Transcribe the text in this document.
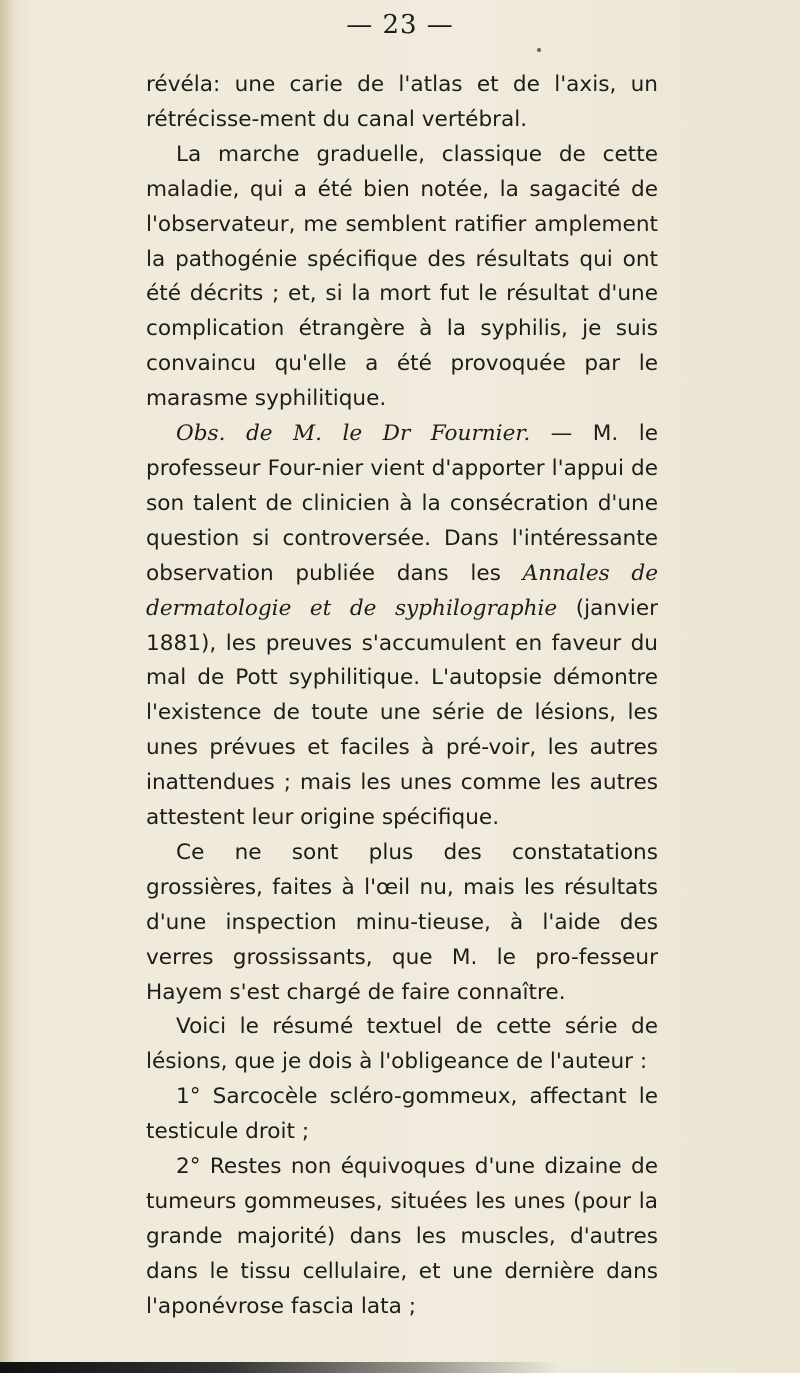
— 23 —

révéla: une carie de l'atlas et de l'axis, un rétrécisse-ment du canal vertébral.

La marche graduelle, classique de cette maladie, qui a été bien notée, la sagacité de l'observateur, me semblent ratifier amplement la pathogénie spécifique des résultats qui ont été décrits ; et, si la mort fut le résultat d'une complication étrangère à la syphilis, je suis convaincu qu'elle a été provoquée par le marasme syphilitique.

Obs. de M. le Dr Fournier. — M. le professeur Four-nier vient d'apporter l'appui de son talent de clinicien à la consécration d'une question si controversée. Dans l'intéressante observation publiée dans les Annales de dermatologie et de syphilographie (janvier 1881), les preuves s'accumulent en faveur du mal de Pott syphilitique. L'autopsie démontre l'existence de toute une série de lésions, les unes prévues et faciles à pré-voir, les autres inattendues ; mais les unes comme les autres attestent leur origine spécifique.

Ce ne sont plus des constatations grossières, faites à l'œil nu, mais les résultats d'une inspection minu-tieuse, à l'aide des verres grossissants, que M. le pro-fesseur Hayem s'est chargé de faire connaître.

Voici le résumé textuel de cette série de lésions, que je dois à l'obligeance de l'auteur :

1° Sarcocèle scléro-gommeux, affectant le testicule droit ;

2° Restes non équivoques d'une dizaine de tumeurs gommeuses, situées les unes (pour la grande majorité) dans les muscles, d'autres dans le tissu cellulaire, et une dernière dans l'aponévrose fascia lata ;
